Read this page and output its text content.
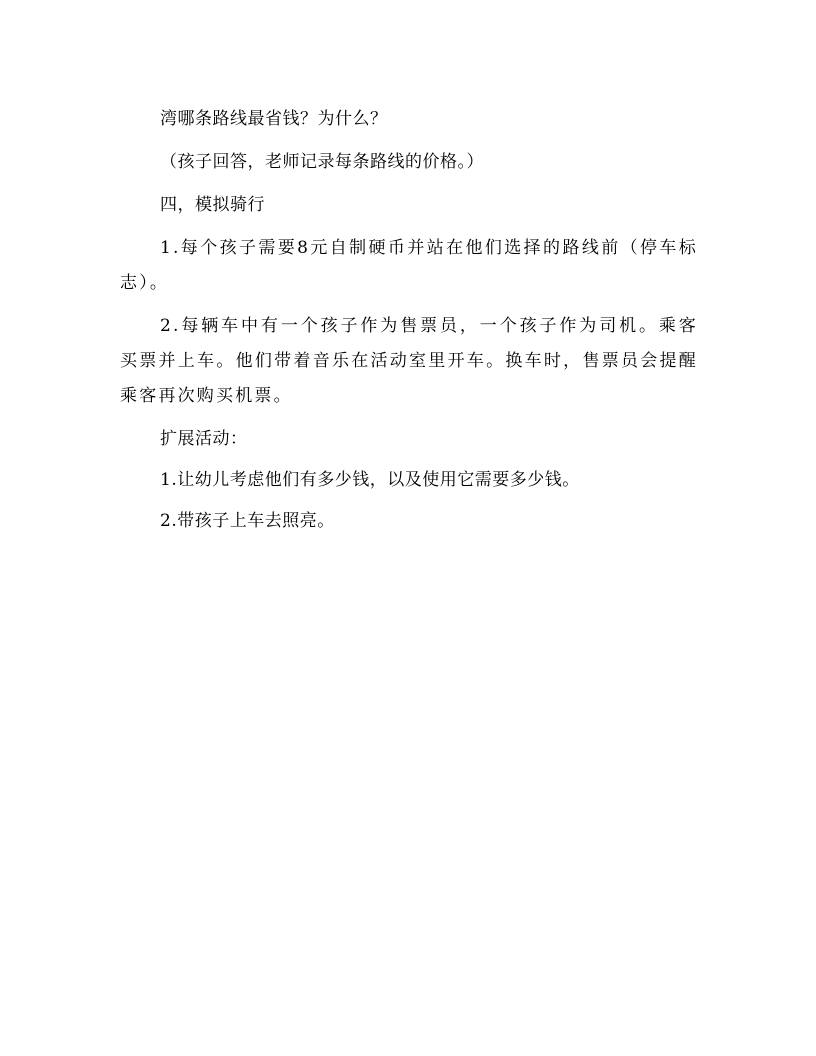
湾哪条路线最省钱？为什么？

（孩子回答，老师记录每条路线的价格。）

四，模拟骑行

1.每个孩子需要8元自制硬币并站在他们选择的路线前（停车标志）。

2.每辆车中有一个孩子作为售票员，一个孩子作为司机。乘客买票并上车。他们带着音乐在活动室里开车。换车时，售票员会提醒乘客再次购买机票。

扩展活动：

1.让幼儿考虑他们有多少钱，以及使用它需要多少钱。

2.带孩子上车去照亮。
